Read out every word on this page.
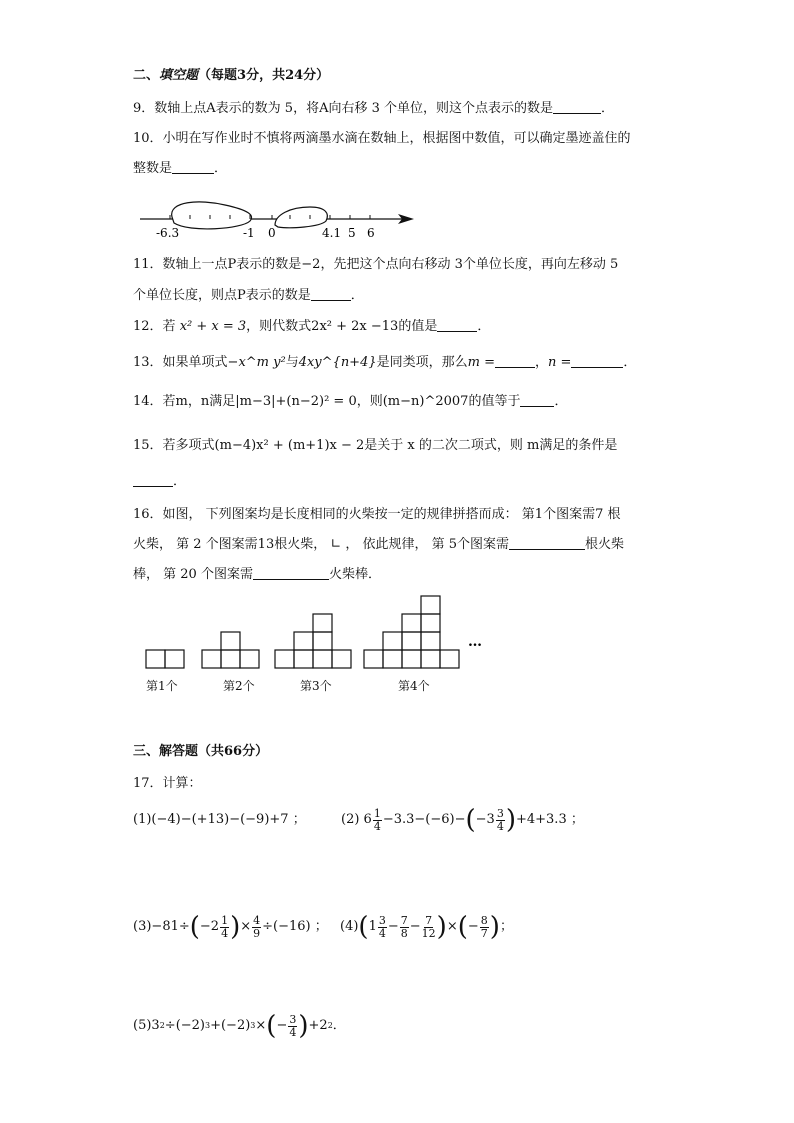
二、填空题（每题3分，共24分）
9．数轴上点A表示的数为 5，将A向右移 3 个单位，则这个点表示的数是	．
10．小明在写作业时不慎将两滴墨水滴在数轴上，根据图中数值，可以确定墨迹盖住的
整数是	．
-6.3	-1 0	4.1 5 6
11．数轴上一点P表示的数是−2，先把这个点向右移动 3个单位长度，再向左移动 5
个单位长度，则点P表示的数是	．
12．若 x² + x = 3，则代数式2x² + 2x −13的值是	．
13．如果单项式−x^m y²与4xy^{n+4}是同类项，那么m =	，n =	．
14．若m，n满足|m−3|+(n−2)² = 0，则(m−n)^2007的值等于	．
15．若多项式(m−4)x² + (m+1)x − 2是关于 x 的二次二项式，则 m满足的条件是
．
16．如图， 下列图案均是长度相同的火柴按一定的规律拼搭而成： 第1个图案需7 根
火柴， 第 2 个图案需13根火柴， ∟ ， 依此规律， 第 5个图案需	根火柴
棒， 第 20 个图案需	火柴棒．
…
第1个	第2个	第3个	第4个
三、解答题（共66分）
17．计算：
(1)(−4)−(+13)−(−9)+7 ；	(2) $6 \frac{1}{4} -3.3-(-6)-$ ( $-3 \frac{3}{4}$ ) +4+3.3 ；
(3) −81÷ ( $-2 \frac{1}{4}$ ) × $\frac{4}{9} \div(-16)$ ； (4) ( $1 \frac{3}{4} - \frac{7}{8} - \frac{7}{12}$ ) × ( − $\frac{8}{7}$ ) ；
(5) 3 2 ÷(−2) 3 +(−2) 3 × ( − $\frac{3}{4}$ ) +2 2 ．
